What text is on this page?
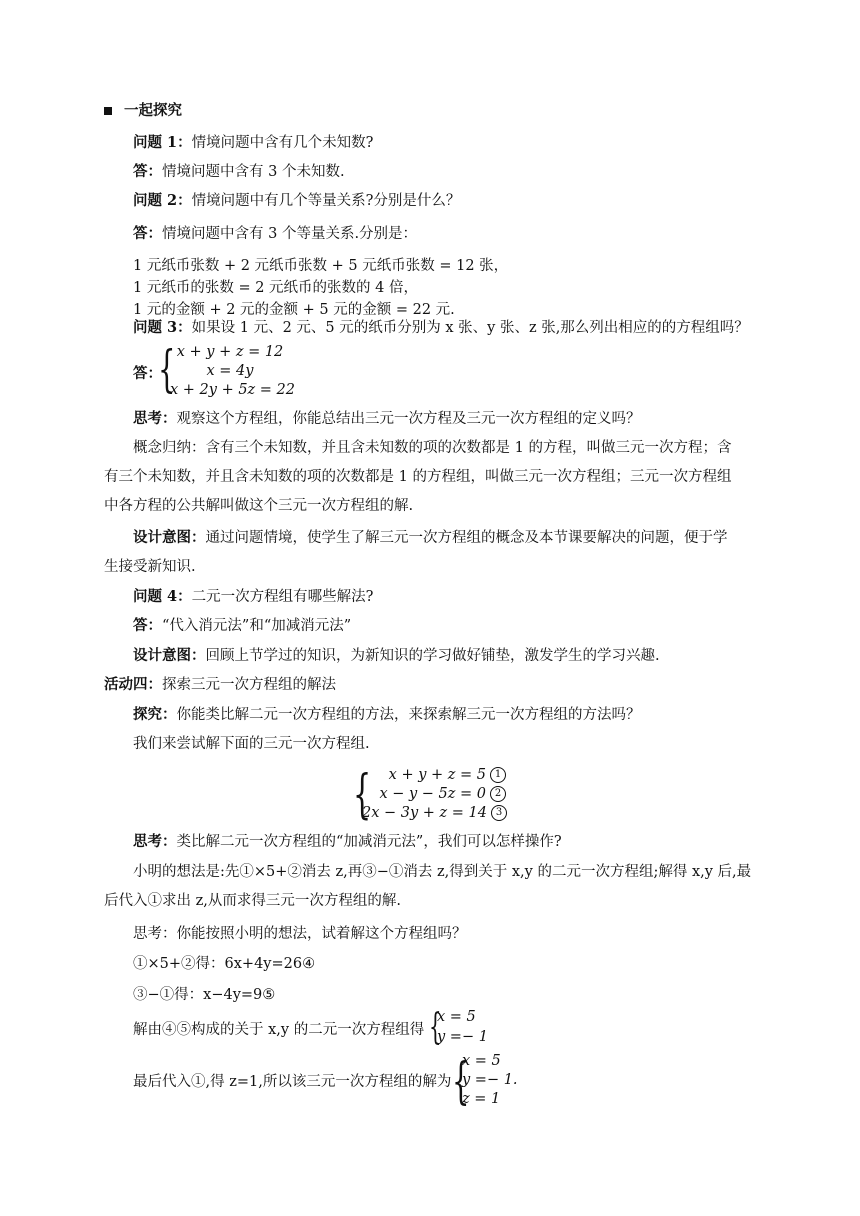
一起探究
问题 1：情境问题中含有几个未知数?
答：情境问题中含有 3 个未知数.
问题 2：情境问题中有几个等量关系?分别是什么？
答：情境问题中含有 3 个等量关系.分别是：
1 元纸币张数 + 2 元纸币张数 + 5 元纸币张数 = 12 张，
1 元纸币的张数 = 2 元纸币的张数的 4 倍，
1 元的金额 + 2 元的金额 + 5 元的金额 = 22 元.
问题 3：如果设 1 元、2 元、5 元的纸币分别为 x 张、y 张、z 张,那么列出相应的的方程组吗？
答：
{ x + y + z = 12
x = 4y
x + 2y + 5z = 22
思考：观察这个方程组，你能总结出三元一次方程及三元一次方程组的定义吗？
概念归纳：含有三个未知数，并且含未知数的项的次数都是 1 的方程，叫做三元一次方程；含
有三个未知数，并且含未知数的项的次数都是 1 的方程组，叫做三元一次方程组；三元一次方程组
中各方程的公共解叫做这个三元一次方程组的解.
设计意图：通过问题情境，使学生了解三元一次方程组的概念及本节课要解决的问题，便于学
生接受新知识.
问题 4：二元一次方程组有哪些解法?
答：“代入消元法”和“加减消元法”
设计意图：回顾上节学过的知识，为新知识的学习做好铺垫，激发学生的学习兴趣.
活动四：探索三元一次方程组的解法
探究：你能类比解二元一次方程组的方法，来探索解三元一次方程组的方法吗？
我们来尝试解下面的三元一次方程组.
{	x + y + z = 5 1
x − y − 5z = 0 2
2x − 3y + z = 14 3
思考：类比解二元一次方程组的“加减消元法”，我们可以怎样操作?
小明的想法是:先①×5+②消去 z,再③−①消去 z,得到关于 x,y 的二元一次方程组;解得 x,y 后,最
后代入①求出 z,从而求得三元一次方程组的解.
思考：你能按照小明的想法，试着解这个方程组吗？
①×5+②得：6x+4y=26④
③−①得：x−4y=9⑤
解由④⑤构成的关于 x,y 的二元一次方程组得 {
x = 5
y =− 1
最后代入①,得 z=1,所以该三元一次方程组的解为 {
x = 5
y =− 1.
z = 1
